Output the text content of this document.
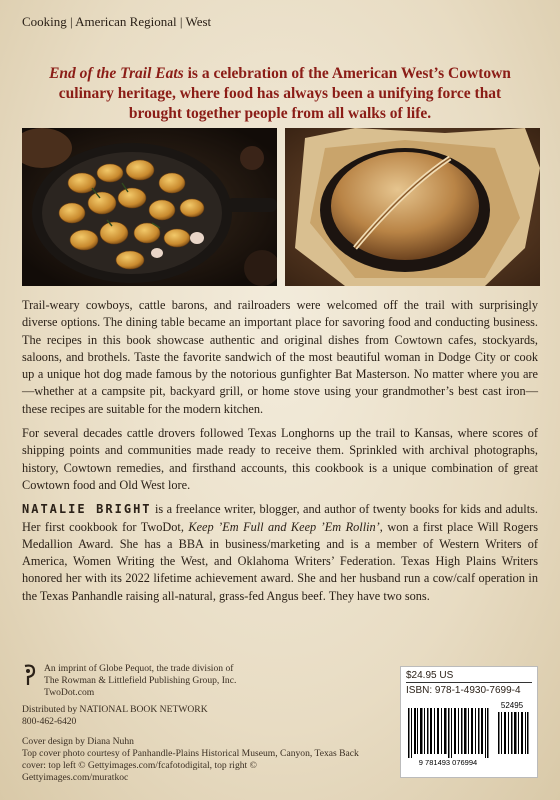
Cooking | American Regional | West
End of the Trail Eats is a celebration of the American West’s Cowtown culinary heritage, where food has always been a unifying force that brought together people from all walks of life.

Trail-weary cowboys, cattle barons, and railroaders were welcomed off the trail with surprisingly diverse options. The dining table became an important place for savoring food and conducting business. The recipes in this book showcase authentic and original dishes from Cowtown cafes, stockyards, saloons, and brothels. Taste the favorite sandwich of the most beautiful woman in Dodge City or cook up a unique hot dog made famous by the notorious gunfighter Bat Masterson. No matter where you are—whether at a campsite pit, backyard grill, or home stove using your grandmother’s best cast iron—these recipes are suitable for the modern kitchen.

For several decades cattle drovers followed Texas Longhorns up the trail to Kansas, where scores of shipping points and communities made ready to receive them. Sprinkled with archival photographs, history, Cowtown remedies, and firsthand accounts, this cookbook is a unique combination of great Cowtown food and Old West lore.

NATALIE BRIGHT is a freelance writer, blogger, and author of twenty books for kids and adults. Her first cookbook for TwoDot, Keep ’Em Full and Keep ’Em Rollin’, won a first place Will Rogers Medallion Award. She has a BBA in business/marketing and is a member of Western Writers of America, Women Writing the West, and Oklahoma Writers’ Federation. Texas High Plains Writers honored her with its 2022 lifetime achievement award. She and her husband run a cow/calf operation in the Texas Panhandle raising all-natural, grass-fed Angus beef. They have two sons.

An imprint of Globe Pequot, the trade division of
The Rowman & Littlefield Publishing Group, Inc.
TwoDot.com
Distributed by NATIONAL BOOK NETWORK
800-462-6420
Cover design by Diana Nuhn
Top cover photo courtesy of Panhandle-Plains Historical Museum, Canyon, Texas Back cover: top left © Gettyimages.com/fcafotodigital, top right © Gettyimages.com/muratkoc
$24.95 US
ISBN: 978-1-4930-7699-4
52495
9 781493 076994
